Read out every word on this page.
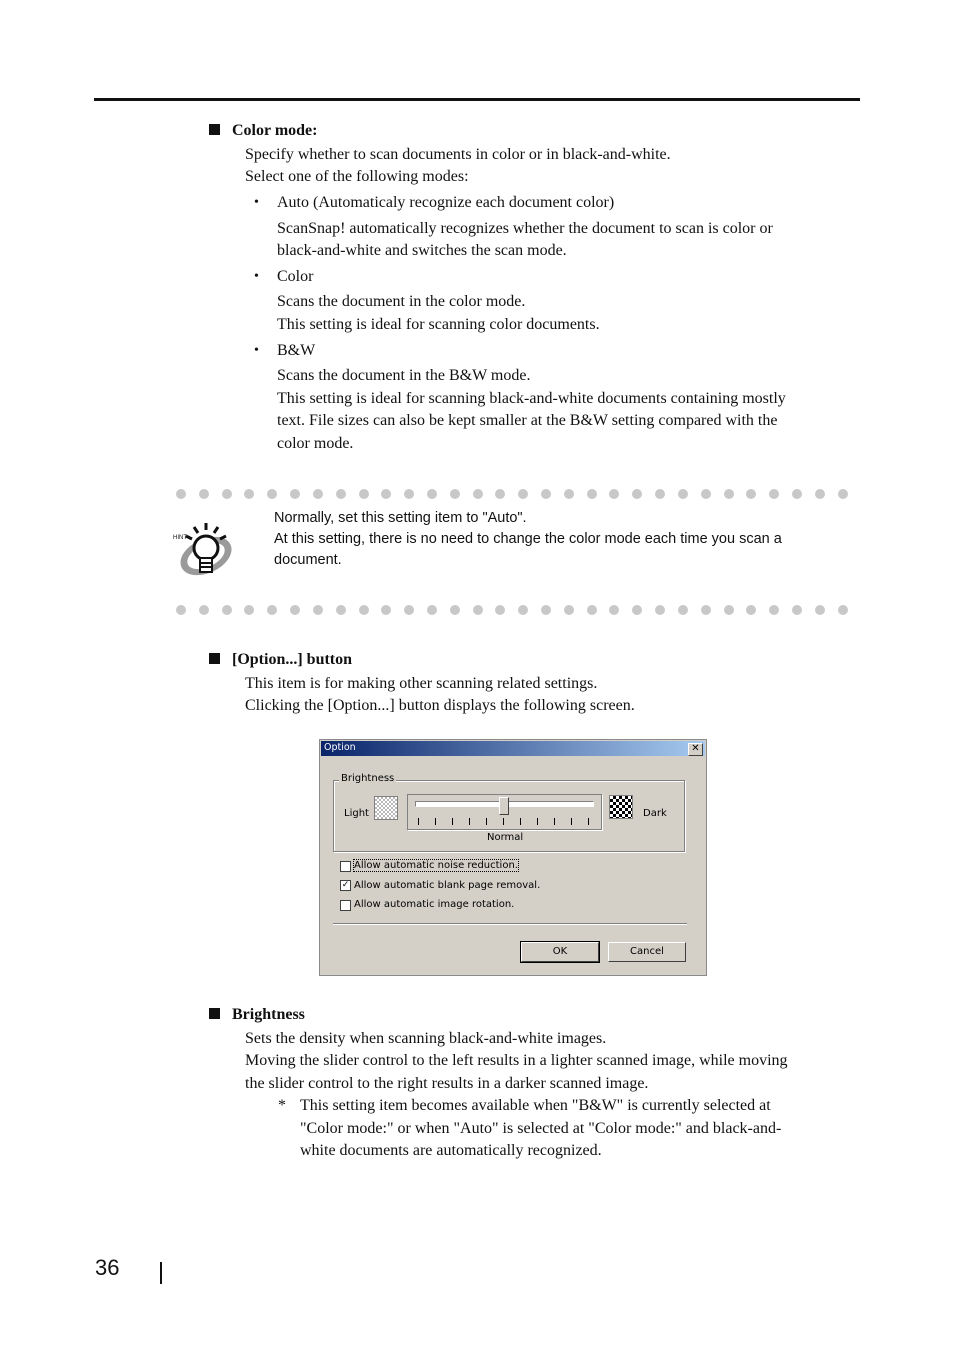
Color mode:
Specify whether to scan documents in color or in black-and-white.
Select one of the following modes:
• Auto (Automaticaly recognize each document color)
ScanSnap! automatically recognizes whether the document to scan is color or
black-and-white and switches the scan mode.
• Color
Scans the document in the color mode.
This setting is ideal for scanning color documents.
• B&W
Scans the document in the B&W mode.
This setting is ideal for scanning black-and-white documents containing mostly
text. File sizes can also be kept smaller at the B&W setting compared with the
color mode.
HINT
Normally, set this setting item to "Auto".
At this setting, there is no need to change the color mode each time you scan a
document.
[Option...] button
This item is for making other scanning related settings.
Clicking the [Option...] button displays the following screen.
Option	✕
Brightness
Light
Normal
Dark
Allow automatic noise reduction.
✓ Allow automatic blank page removal.
Allow automatic image rotation.
OK	Cancel
Brightness
Sets the density when scanning black-and-white images.
Moving the slider control to the left results in a lighter scanned image, while moving
the slider control to the right results in a darker scanned image.
* This setting item becomes available when "B&W" is currently selected at
"Color mode:" or when "Auto" is selected at "Color mode:" and black-and-
white documents are automatically recognized.
36
